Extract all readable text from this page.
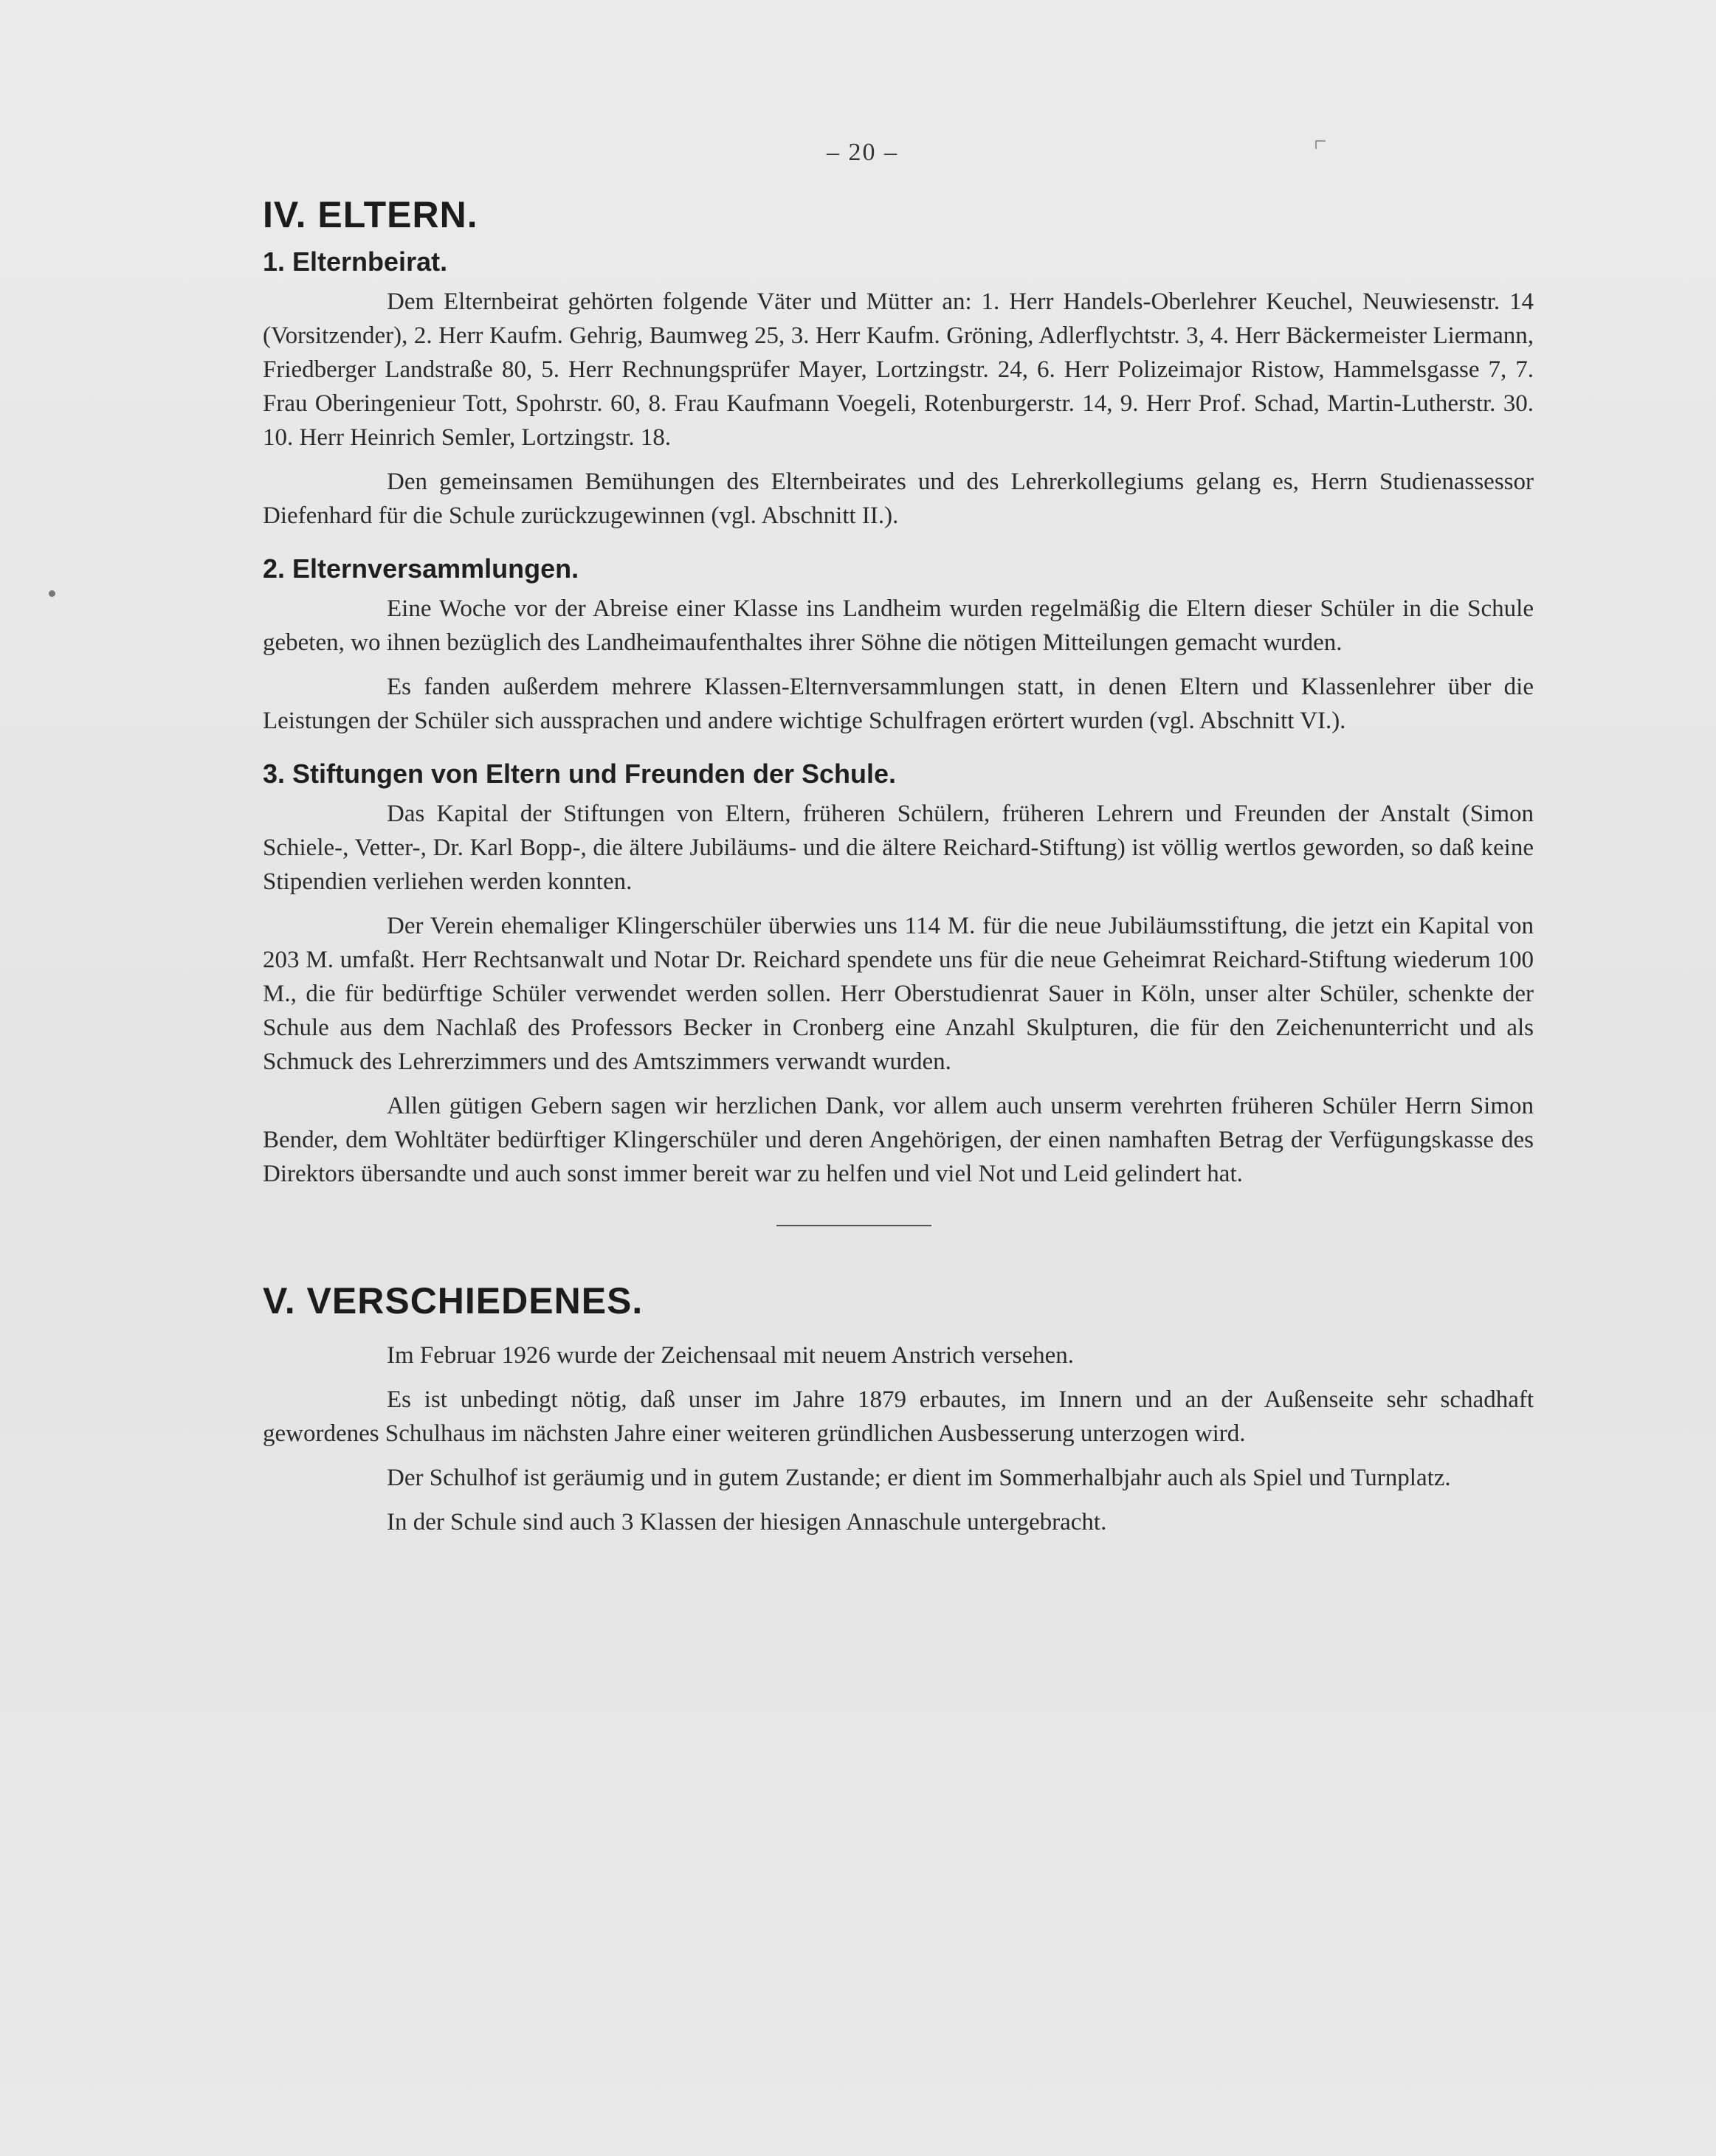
– 20 –
IV. ELTERN.
1. Elternbeirat.

Dem Elternbeirat gehörten folgende Väter und Mütter an: 1. Herr Handels-Oberlehrer Keuchel, Neuwiesenstr. 14 (Vorsitzender), 2. Herr Kaufm. Gehrig, Baumweg 25, 3. Herr Kaufm. Gröning, Adlerflychtstr. 3, 4. Herr Bäckermeister Liermann, Friedberger Landstraße 80, 5. Herr Rechnungsprüfer Mayer, Lortzingstr. 24, 6. Herr Polizeimajor Ristow, Hammelsgasse 7, 7. Frau Oberingenieur Tott, Spohrstr. 60, 8. Frau Kaufmann Voegeli, Rotenburgerstr. 14, 9. Herr Prof. Schad, Martin-Lutherstr. 30. 10. Herr Heinrich Semler, Lortzingstr. 18.

Den gemeinsamen Bemühungen des Elternbeirates und des Lehrerkollegiums gelang es, Herrn Studienassessor Diefenhard für die Schule zurückzugewinnen (vgl. Abschnitt II.).

2. Elternversammlungen.

Eine Woche vor der Abreise einer Klasse ins Landheim wurden regelmäßig die Eltern dieser Schüler in die Schule gebeten, wo ihnen bezüglich des Landheimaufenthaltes ihrer Söhne die nötigen Mitteilungen gemacht wurden.

Es fanden außerdem mehrere Klassen-Elternversammlungen statt, in denen Eltern und Klassenlehrer über die Leistungen der Schüler sich aussprachen und andere wichtige Schulfragen erörtert wurden (vgl. Abschnitt VI.).

3. Stiftungen von Eltern und Freunden der Schule.

Das Kapital der Stiftungen von Eltern, früheren Schülern, früheren Lehrern und Freunden der Anstalt (Simon Schiele-, Vetter-, Dr. Karl Bopp-, die ältere Jubiläums- und die ältere Reichard-Stiftung) ist völlig wertlos geworden, so daß keine Stipendien verliehen werden konnten.

Der Verein ehemaliger Klingerschüler überwies uns 114 M. für die neue Jubiläumsstiftung, die jetzt ein Kapital von 203 M. umfaßt. Herr Rechtsanwalt und Notar Dr. Reichard spendete uns für die neue Geheimrat Reichard-Stiftung wiederum 100 M., die für bedürftige Schüler verwendet werden sollen. Herr Oberstudienrat Sauer in Köln, unser alter Schüler, schenkte der Schule aus dem Nachlaß des Professors Becker in Cronberg eine Anzahl Skulpturen, die für den Zeichenunterricht und als Schmuck des Lehrerzimmers und des Amtszimmers verwandt wurden.

Allen gütigen Gebern sagen wir herzlichen Dank, vor allem auch unserm verehrten früheren Schüler Herrn Simon Bender, dem Wohltäter bedürftiger Klingerschüler und deren Angehörigen, der einen namhaften Betrag der Verfügungskasse des Direktors übersandte und auch sonst immer bereit war zu helfen und viel Not und Leid gelindert hat.

V. VERSCHIEDENES.

Im Februar 1926 wurde der Zeichensaal mit neuem Anstrich versehen.

Es ist unbedingt nötig, daß unser im Jahre 1879 erbautes, im Innern und an der Außenseite sehr schadhaft gewordenes Schulhaus im nächsten Jahre einer weiteren gründlichen Ausbesserung unterzogen wird.

Der Schulhof ist geräumig und in gutem Zustande; er dient im Sommerhalbjahr auch als Spiel und Turnplatz.

In der Schule sind auch 3 Klassen der hiesigen Annaschule untergebracht.
